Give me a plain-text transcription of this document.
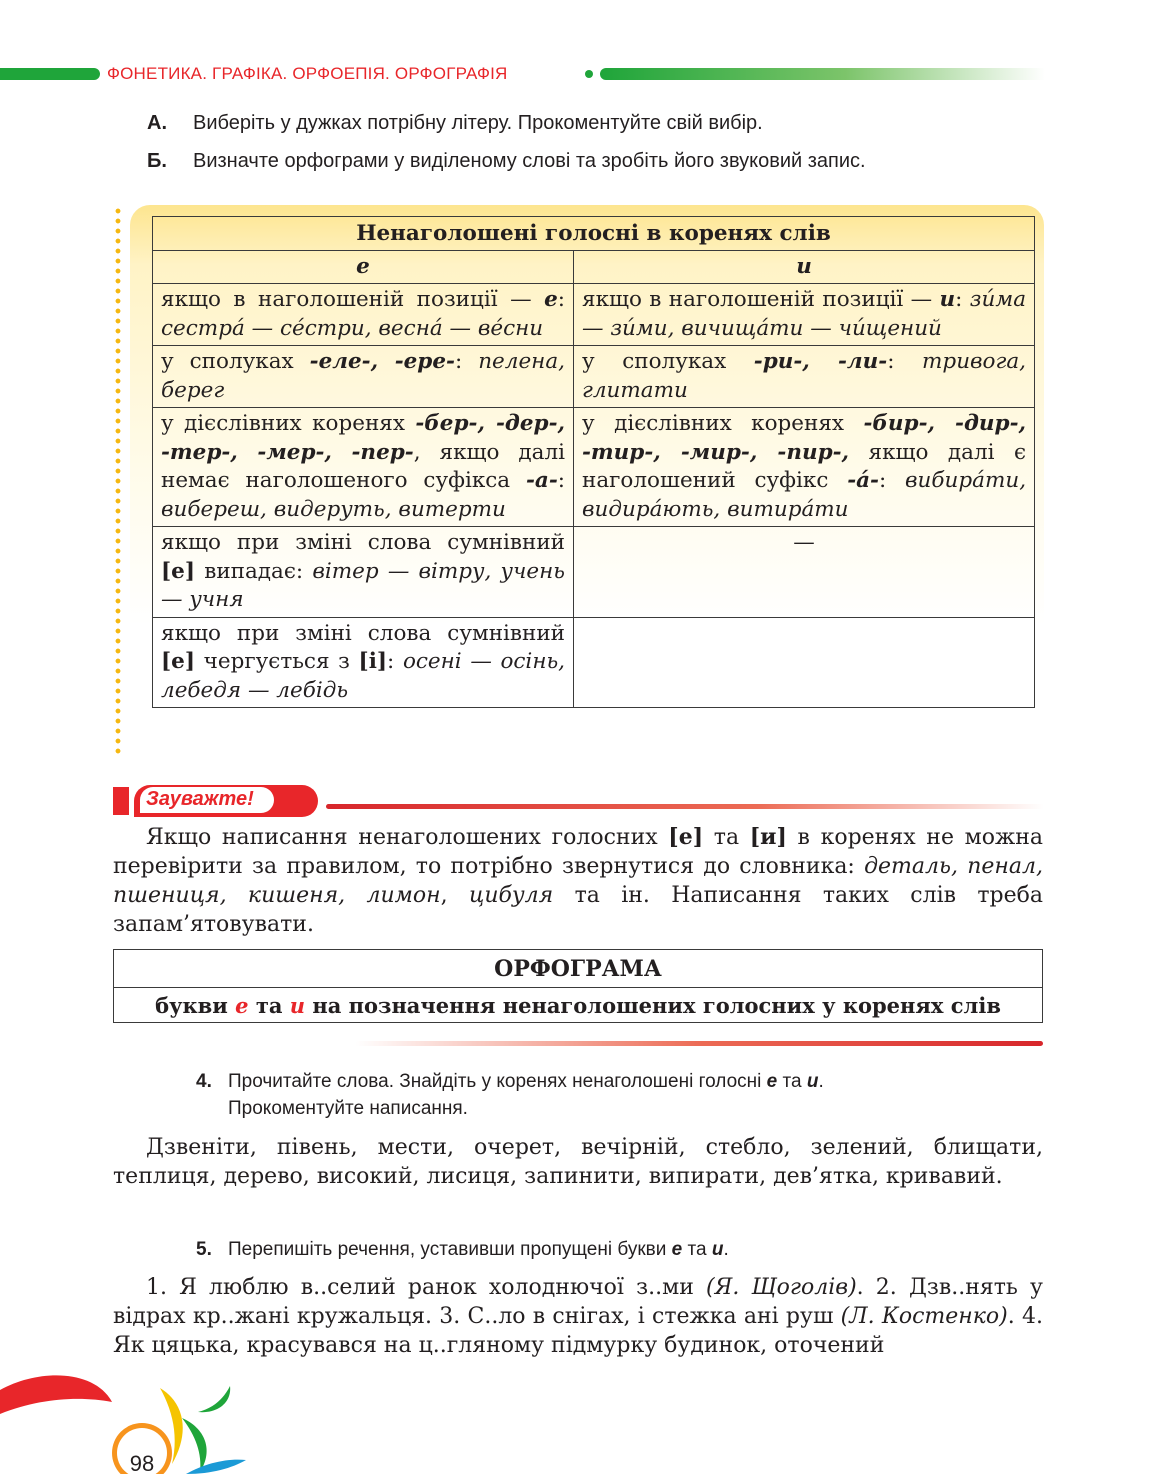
ФОНЕТИКА. ГРАФІКА. ОРФОЕПІЯ. ОРФОГРАФІЯ
А. Виберіть у дужках потрібну літеру. Прокоментуйте свій вибір.
Б. Визначте орфограми у виділеному слові та зробіть його звуковий запис.
Ненаголошені голосні в коренях слів	
е	и
якщо в наголошеній позиції — е: сестрá — сéстри, веснá — вéсни	якщо в наголошеній позиції — и: зи́ма — зи́ми, вичищáти — чи́щений
у сполуках -еле-, -ере-: пелена, берег	у сполуках -ри-, -ли-: тривога, глитати
у дієслівних коренях -бер-, -дер-, -тер-, -мер-, -пер-, якщо далі немає наголошеного суфікса -а-: вибереш, видеруть, витерти	у дієслівних коренях -бир-, -дир-, -тир-, -мир-, -пир-, якщо далі є наголошений суфікс -á-: вибирáти, видирáють, витирáти
якщо при зміні слова сумнівний [е] випадає: вітер — вітру, учень — учня	—
якщо при зміні слова сумнівний [е] чергується з [і]: осені — осінь, лебедя — лебідь	
Зауважте!

Якщо написання ненаголошених голосних [е] та [и] в коренях не можна перевірити за правилом, то потрібно звернутися до словника: деталь, пенал, пшениця, кишеня, лимон, цибуля та ін. Написання таких слів треба запам’ятовувати.

ОРФОГРАМА
букви е та и на позначення ненаголошених голосних у коренях слів
4. Прочитайте слова. Знайдіть у коренях ненаголошені голосні е та и.
Прокоментуйте написання.

Дзвеніти, півень, мести, очерет, вечірній, стебло, зелений, блищати, теплиця, дерево, високий, лисиця, запинити, випирати, дев’ятка, кривавий.

5. Перепишіть речення, уставивши пропущені букви е та и.

1. Я люблю в..селий ранок холоднючої з..ми (Я. Щоголів). 2. Дзв..нять у відрах кр..жані кружальця. 3. С..ло в снігах, і стежка ані руш (Л. Костенко). 4. Як цяцька, красувався на ц..гляному підмурку будинок, оточений

98
